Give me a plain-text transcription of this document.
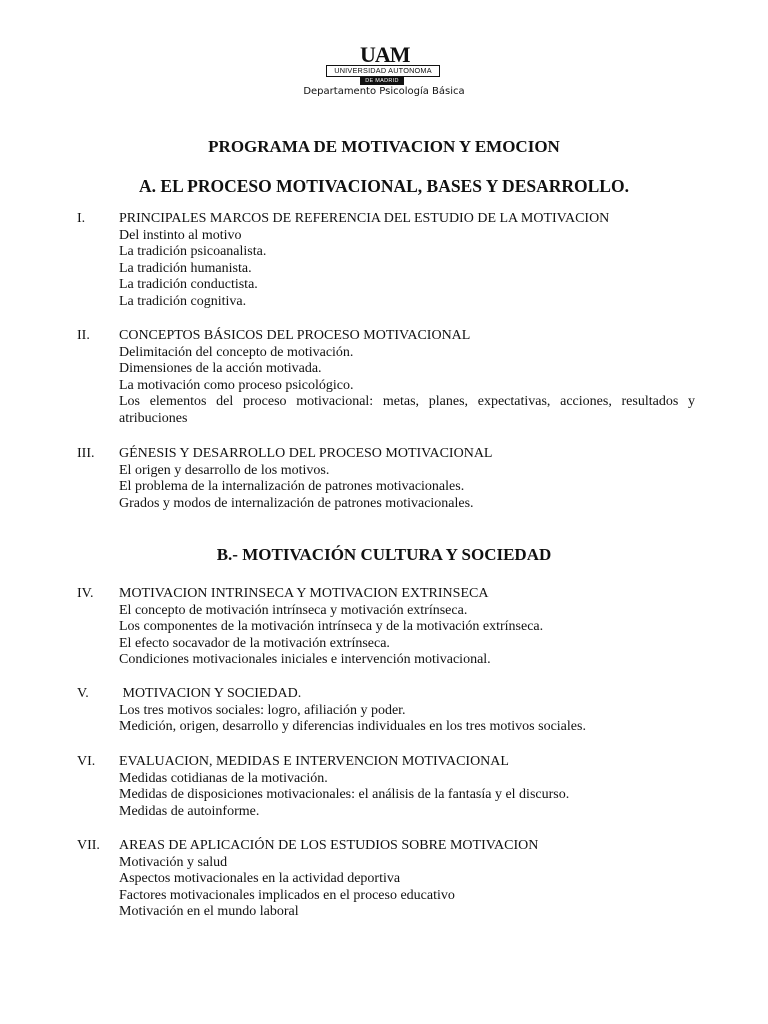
UAM
UNIVERSIDAD AUTONOMA
DE MADRID
Departamento Psicología Básica
PROGRAMA DE MOTIVACION Y EMOCION
A. EL PROCESO MOTIVACIONAL, BASES Y DESARROLLO.
I. PRINCIPALES MARCOS DE REFERENCIA DEL ESTUDIO DE LA MOTIVACION
Del instinto al motivo
La tradición psicoanalista.
La tradición humanista.
La tradición conductista.
La tradición cognitiva.
II. CONCEPTOS BÁSICOS DEL PROCESO MOTIVACIONAL
Delimitación del concepto de motivación.
Dimensiones de la acción motivada.
La motivación como proceso psicológico.
Los elementos del proceso motivacional: metas, planes, expectativas, acciones, resultados y atribuciones
III. GÉNESIS Y DESARROLLO DEL PROCESO MOTIVACIONAL
El origen y desarrollo de los motivos.
El problema de la internalización de patrones motivacionales.
Grados y modos de internalización de patrones motivacionales.
B.- MOTIVACIÓN CULTURA Y SOCIEDAD
IV. MOTIVACION INTRINSECA Y MOTIVACION EXTRINSECA
El concepto de motivación intrínseca y motivación extrínseca.
Los componentes de la motivación intrínseca y de la motivación extrínseca.
El efecto socavador de la motivación extrínseca.
Condiciones motivacionales iniciales e intervención motivacional.
V. MOTIVACION Y SOCIEDAD.
Los tres motivos sociales: logro, afiliación y poder.
Medición, origen, desarrollo y diferencias individuales en los tres motivos sociales.
VI. EVALUACION, MEDIDAS E INTERVENCION MOTIVACIONAL
Medidas cotidianas de la motivación.
Medidas de disposiciones motivacionales: el análisis de la fantasía y el discurso.
Medidas de autoinforme.
VII. AREAS DE APLICACIÓN DE LOS ESTUDIOS SOBRE MOTIVACION
Motivación y salud
Aspectos motivacionales en la actividad deportiva
Factores motivacionales implicados en el proceso educativo
Motivación en el mundo laboral
